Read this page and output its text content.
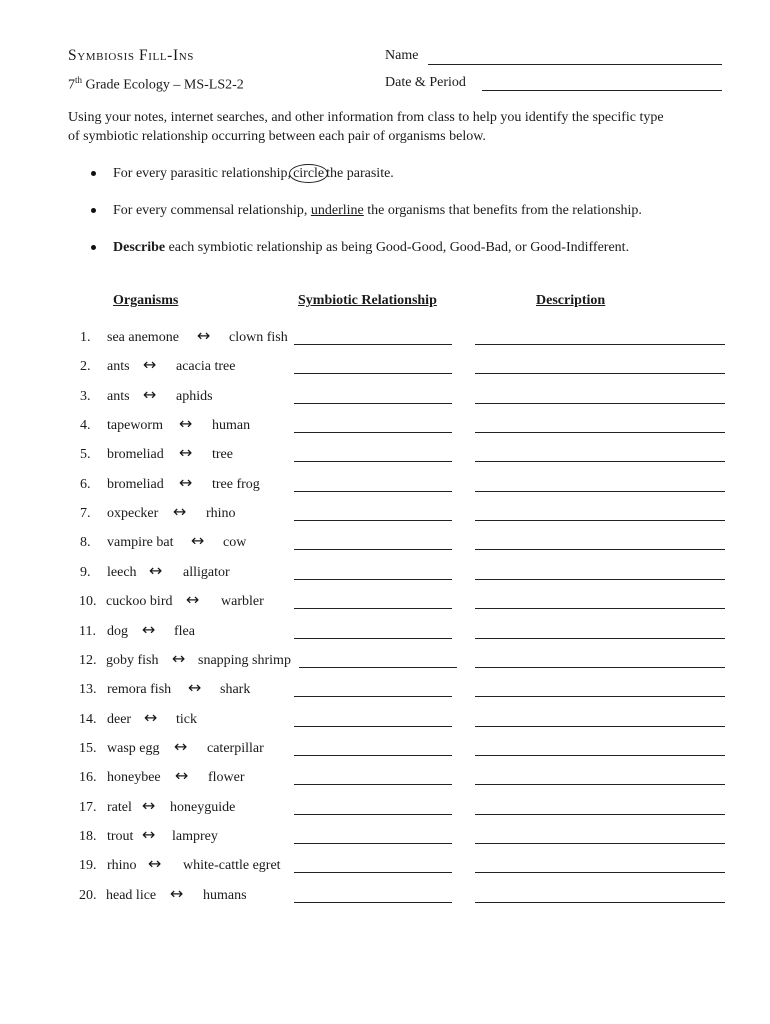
Symbiosis Fill-Ins
7th Grade Ecology – MS-LS2-2
Name
Date & Period
Using your notes, internet searches, and other information from class to help you identify the specific type
of symbiotic relationship occurring between each pair of organisms below.
For every parasitic relationship, circle the parasite.
For every commensal relationship, underline the organisms that benefits from the relationship.
Describe each symbiotic relationship as being Good-Good, Good-Bad, or Good-Indifferent.
Organisms	Symbiotic Relationship	Description
1. sea anemone ↔ clown fish
2. ants ↔ acacia tree
3. ants ↔ aphids
4. tapeworm ↔ human
5. bromeliad ↔ tree
6. bromeliad ↔ tree frog
7. oxpecker ↔ rhino
8. vampire bat ↔ cow
9. leech ↔ alligator
10. cuckoo bird ↔ warbler
11. dog ↔ flea
12. goby fish ↔ snapping shrimp
13. remora fish ↔ shark
14. deer ↔ tick
15. wasp egg ↔ caterpillar
16. honeybee ↔ flower
17. ratel ↔ honeyguide
18. trout ↔ lamprey
19. rhino ↔ white-cattle egret
20. head lice ↔ humans
